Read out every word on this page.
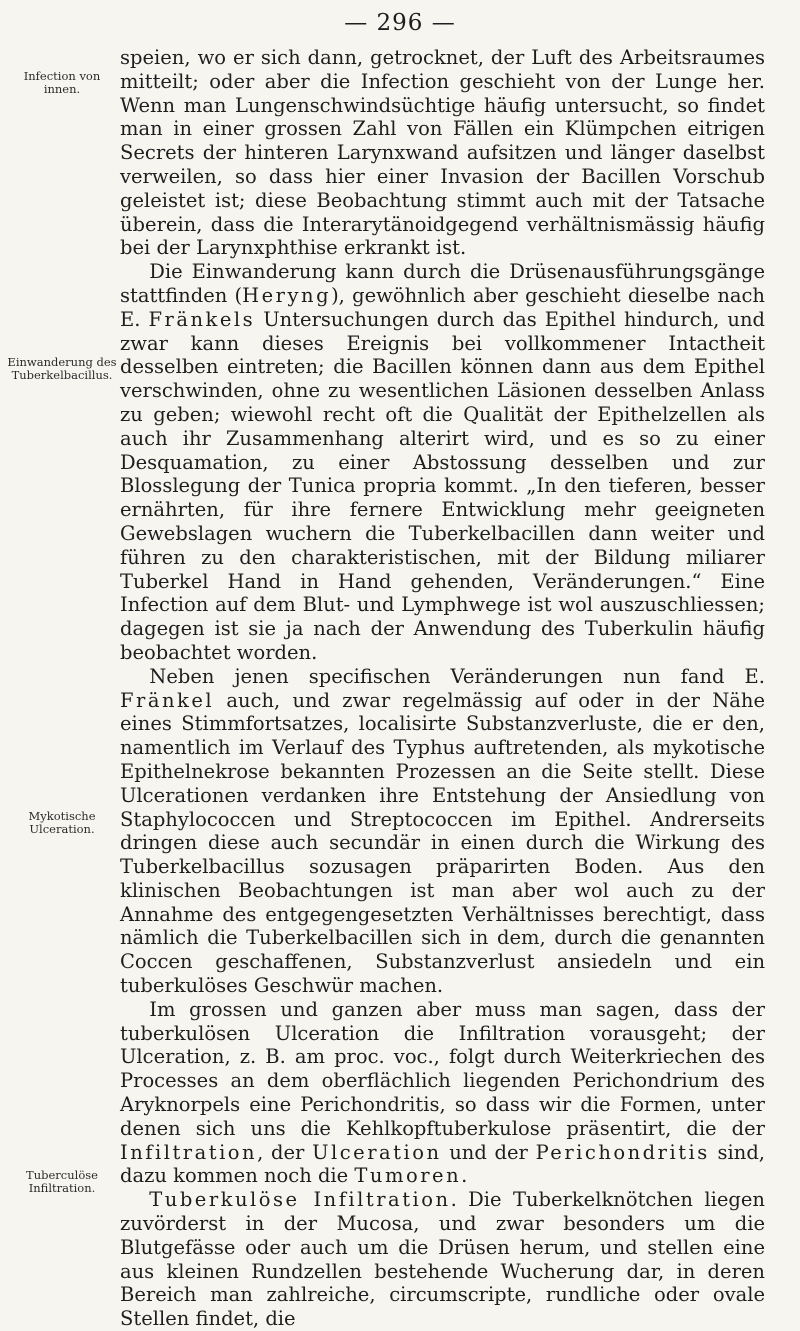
— 296 —
Infection von innen.
Einwanderung des Tuberkelbacillus.
Mykotische Ulceration.
Tuberculöse Infiltration.

speien, wo er sich dann, getrocknet, der Luft des Arbeitsraumes mitteilt; oder aber die Infection geschieht von der Lunge her. Wenn man Lungenschwindsüchtige häufig untersucht, so findet man in einer grossen Zahl von Fällen ein Klümpchen eitrigen Secrets der hinteren Larynxwand aufsitzen und länger daselbst verweilen, so dass hier einer Invasion der Bacillen Vorschub geleistet ist; diese Beobachtung stimmt auch mit der Tatsache überein, dass die Interarytänoidgegend verhältnismässig häufig bei der Larynxphthise erkrankt ist.

Die Einwanderung kann durch die Drüsenausführungsgänge stattfinden (Heryng), gewöhnlich aber geschieht dieselbe nach E. Fränkels Untersuchungen durch das Epithel hindurch, und zwar kann dieses Ereignis bei vollkommener Intactheit desselben eintreten; die Bacillen können dann aus dem Epithel verschwinden, ohne zu wesentlichen Läsionen desselben Anlass zu geben; wiewohl recht oft die Qualität der Epithelzellen als auch ihr Zusammenhang alterirt wird, und es so zu einer Desquamation, zu einer Abstossung desselben und zur Blosslegung der Tunica propria kommt. „In den tieferen, besser ernährten, für ihre fernere Entwicklung mehr geeigneten Gewebslagen wuchern die Tuberkelbacillen dann weiter und führen zu den charakteristischen, mit der Bildung miliarer Tuberkel Hand in Hand gehenden, Veränderungen.“ Eine Infection auf dem Blut- und Lymphwege ist wol auszuschliessen; dagegen ist sie ja nach der Anwendung des Tuberkulin häufig beobachtet worden.

Neben jenen specifischen Veränderungen nun fand E. Fränkel auch, und zwar regelmässig auf oder in der Nähe eines Stimmfortsatzes, localisirte Substanzverluste, die er den, namentlich im Verlauf des Typhus auftretenden, als mykotische Epithelnekrose bekannten Prozessen an die Seite stellt. Diese Ulcerationen verdanken ihre Entstehung der Ansiedlung von Staphylococcen und Streptococcen im Epithel. Andrerseits dringen diese auch secundär in einen durch die Wirkung des Tuberkelbacillus sozusagen präparirten Boden. Aus den klinischen Beobachtungen ist man aber wol auch zu der Annahme des entgegengesetzten Verhältnisses berechtigt, dass nämlich die Tuberkelbacillen sich in dem, durch die genannten Coccen geschaffenen, Substanzverlust ansiedeln und ein tuberkulöses Geschwür machen.

Im grossen und ganzen aber muss man sagen, dass der tuberkulösen Ulceration die Infiltration vorausgeht; der Ulceration, z. B. am proc. voc., folgt durch Weiterkriechen des Processes an dem oberflächlich liegenden Perichondrium des Aryknorpels eine Perichondritis, so dass wir die Formen, unter denen sich uns die Kehlkopftuberkulose präsentirt, die der Infiltration, der Ulceration und der Perichondritis sind, dazu kommen noch die Tumoren.

Tuberkulöse Infiltration. Die Tuberkelknötchen liegen zuvörderst in der Mucosa, und zwar besonders um die Blutgefässe oder auch um die Drüsen herum, und stellen eine aus kleinen Rundzellen bestehende Wucherung dar, in deren Bereich man zahlreiche, circumscripte, rundliche oder ovale Stellen findet, die
